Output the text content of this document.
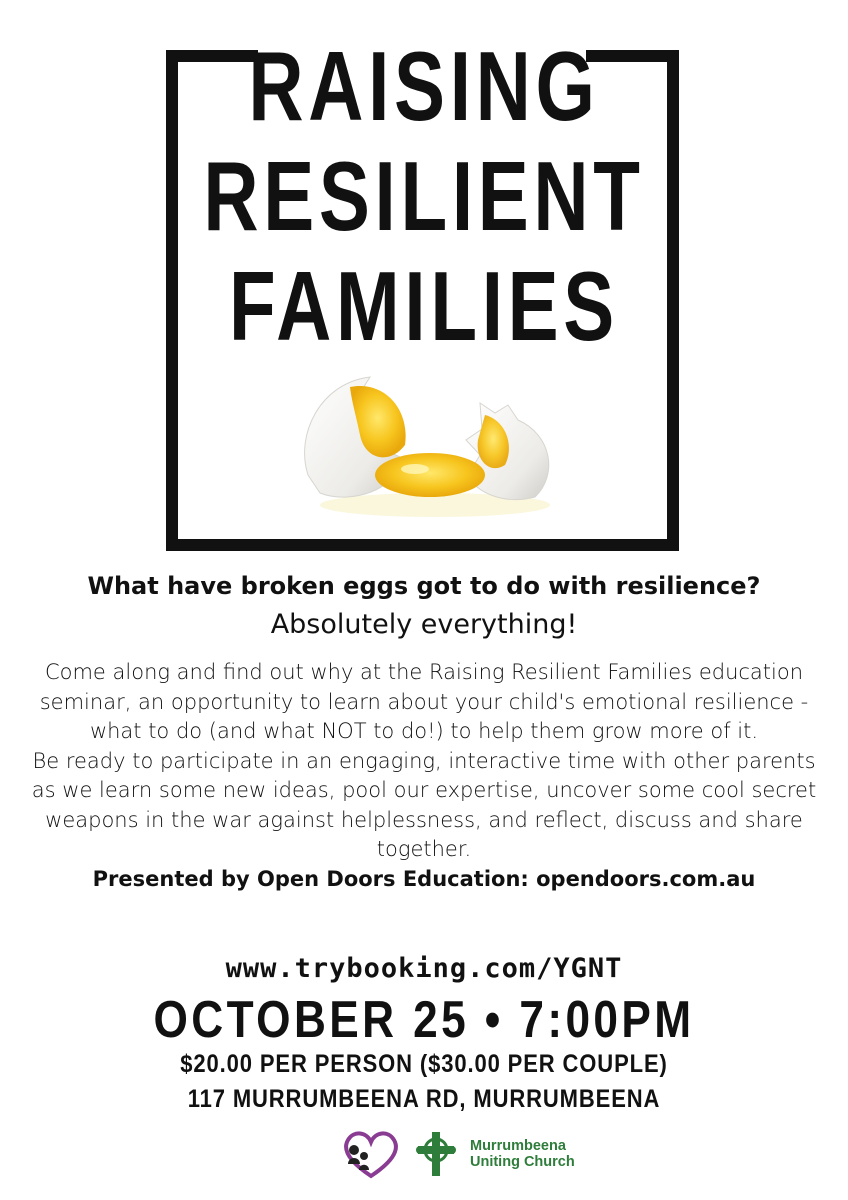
RAISING
RESILIENT
FAMILIES
What have broken eggs got to do with resilience?
Absolutely everything!

Come along and find out why at the Raising Resilient Families education seminar, an opportunity to learn about your child's emotional resilience - what to do (and what NOT to do!) to help them grow more of it.

Be ready to participate in an engaging, interactive time with other parents as we learn some new ideas, pool our expertise, uncover some cool secret weapons in the war against helplessness, and reflect, discuss and share together.

Presented by Open Doors Education: opendoors.com.au

www.trybooking.com/YGNT
OCTOBER 25 • 7:00PM
$20.00 PER PERSON ($30.00 PER COUPLE)
117 MURRUMBEENA RD, MURRUMBEENA
Murrumbeena
Uniting Church
